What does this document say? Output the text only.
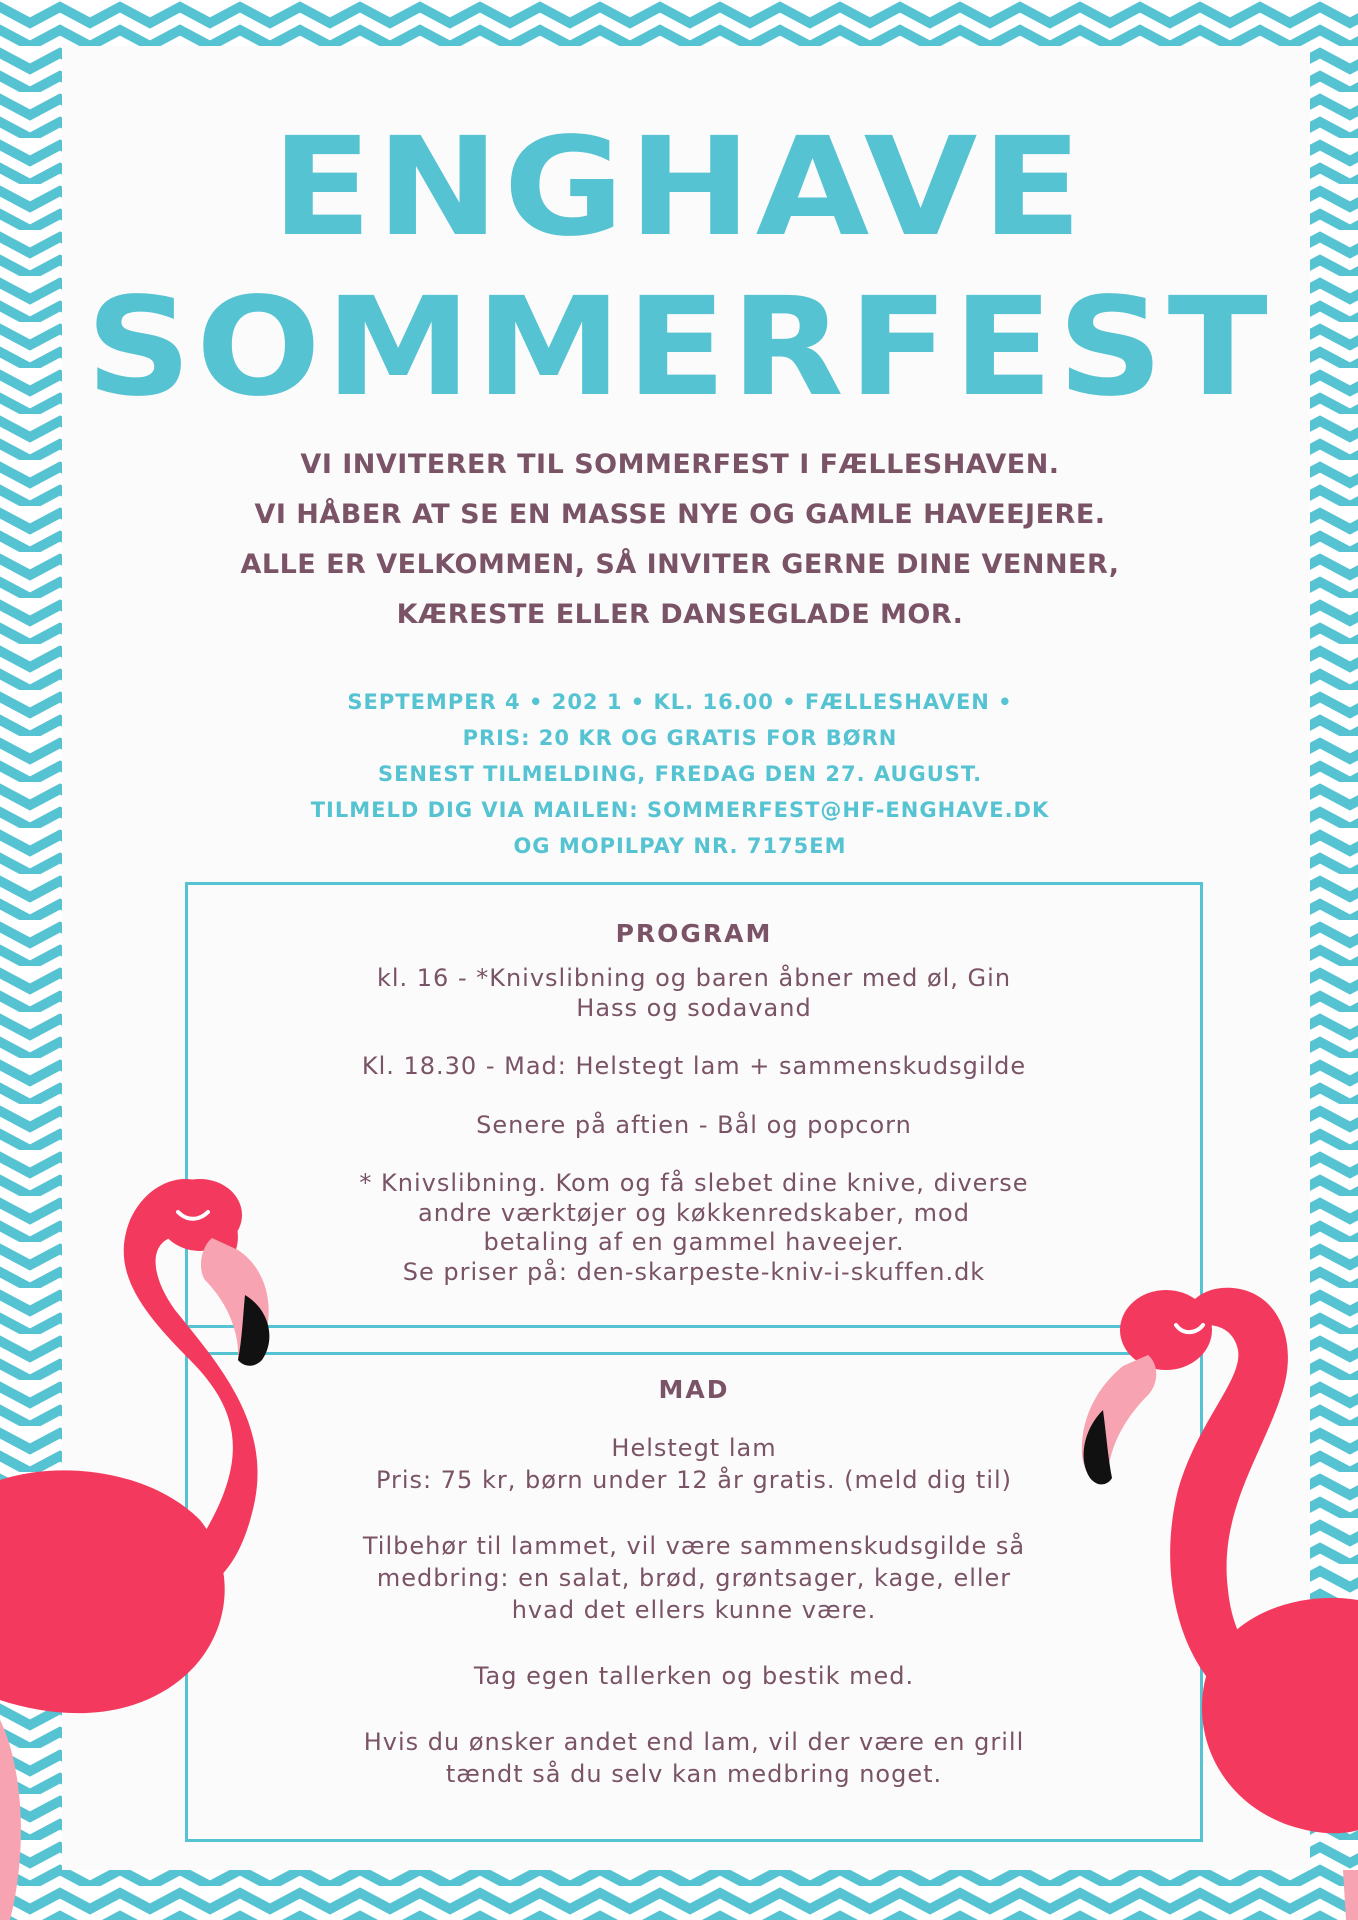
ENGHAVE
SOMMERFEST
VI INVITERER TIL SOMMERFEST I FÆLLESHAVEN.
VI HÅBER AT SE EN MASSE NYE OG GAMLE HAVEEJERE.
ALLE ER VELKOMMEN, SÅ INVITER GERNE DINE VENNER,
KÆRESTE ELLER DANSEGLADE MOR.
SEPTEMPER 4 • 202 1 • KL. 16.00 • FÆLLESHAVEN •
PRIS: 20 KR OG GRATIS FOR BØRN
SENEST TILMELDING, FREDAG DEN 27. AUGUST.
TILMELD DIG VIA MAILEN: SOMMERFEST@HF-ENGHAVE.DK
OG MOPILPAY NR. 7175EM
PROGRAM
kl. 16 - *Knivslibning og baren åbner med øl, Gin
Hass og sodavand
Kl. 18.30 - Mad: Helstegt lam + sammenskudsgilde
Senere på aftien - Bål og popcorn
* Knivslibning. Kom og få slebet dine knive, diverse
andre værktøjer og køkkenredskaber, mod
betaling af en gammel haveejer.
Se priser på: den-skarpeste-kniv-i-skuffen.dk
MAD
Helstegt lam
Pris: 75 kr, børn under 12 år gratis. (meld dig til)
Tilbehør til lammet, vil være sammenskudsgilde så
medbring: en salat, brød, grøntsager, kage, eller
hvad det ellers kunne være.
Tag egen tallerken og bestik med.
Hvis du ønsker andet end lam, vil der være en grill
tændt så du selv kan medbring noget.
